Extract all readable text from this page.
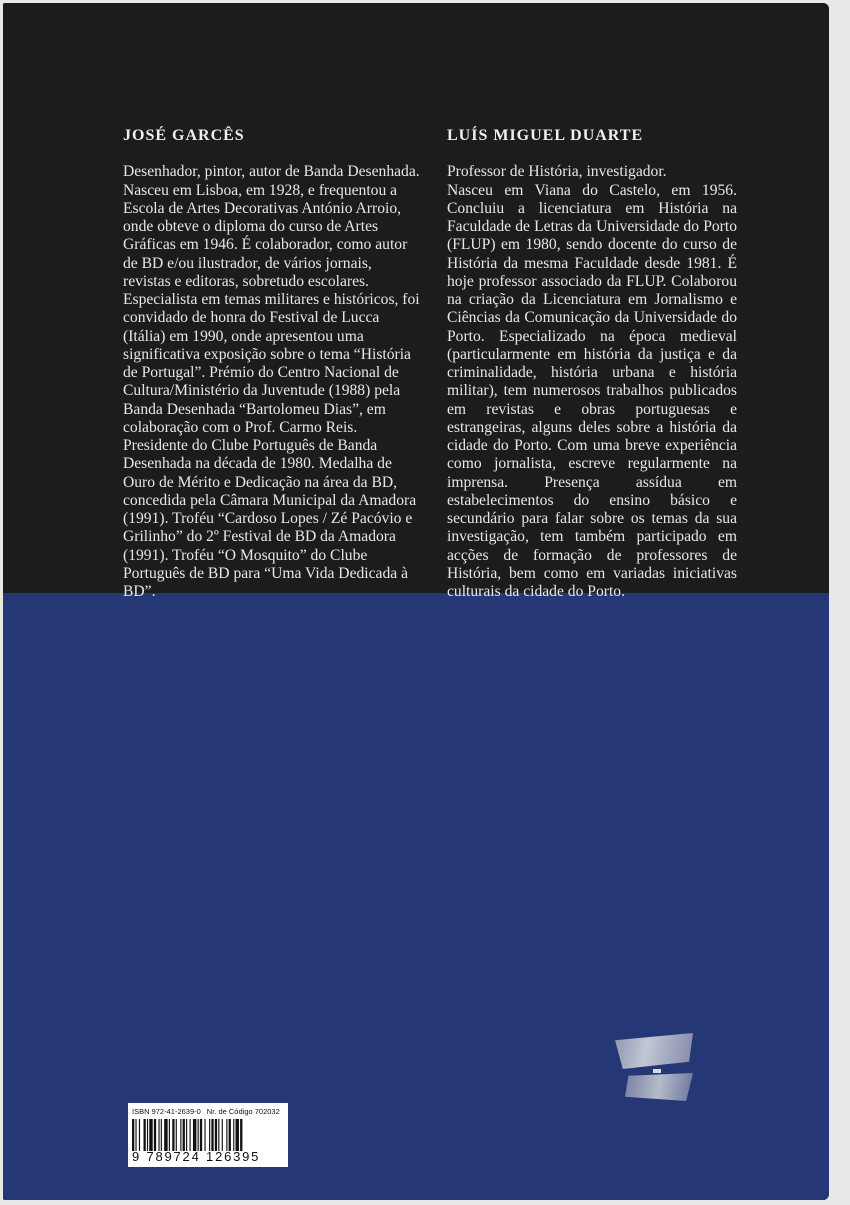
JOSÉ GARCÊS

Desenhador, pintor, autor de Banda Desenhada. Nasceu em Lisboa, em 1928, e frequentou a Escola de Artes Decorativas António Arroio, onde obteve o diploma do curso de Artes Gráficas em 1946. É colaborador, como autor de BD e/ou ilustrador, de vários jornais, revistas e editoras, sobretudo escolares. Especialista em temas militares e históricos, foi convidado de honra do Festival de Lucca (Itália) em 1990, onde apresentou uma significativa exposição sobre o tema “História de Portugal”. Prémio do Centro Nacional de Cultura/Ministério da Juventude (1988) pela Banda Desenhada “Bartolomeu Dias”, em colaboração com o Prof. Carmo Reis. Presidente do Clube Português de Banda Desenhada na década de 1980. Medalha de Ouro de Mérito e Dedicação na área da BD, concedida pela Câmara Municipal da Amadora (1991). Troféu “Cardoso Lopes / Zé Pacóvio e Grilinho” do 2º Festival de BD da Amadora (1991). Troféu “O Mosquito” do Clube Português de BD para “Uma Vida Dedicada à BD”.

LUÍS MIGUEL DUARTE

Professor de História, investigador.

Nasceu em Viana do Castelo, em 1956. Concluiu a licenciatura em História na Faculdade de Letras da Universidade do Porto (FLUP) em 1980, sendo docente do curso de História da mesma Faculdade desde 1981. É hoje professor associado da FLUP. Colaborou na criação da Licenciatura em Jornalismo e Ciências da Comunicação da Universidade do Porto. Especializado na época medieval (particularmente em história da justiça e da criminalidade, história urbana e história militar), tem numerosos trabalhos publicados em revistas e obras portuguesas e estrangeiras, alguns deles sobre a história da cidade do Porto. Com uma breve experiência como jornalista, escreve regularmente na imprensa. Presença assídua em estabelecimentos do ensino básico e secundário para falar sobre os temas da sua investigação, tem também participado em acções de formação de professores de História, bem como em variadas iniciativas culturais da cidade do Porto.

ISBN 972-41-2639-0 Nr. de Código 702032
9 789724 126395
